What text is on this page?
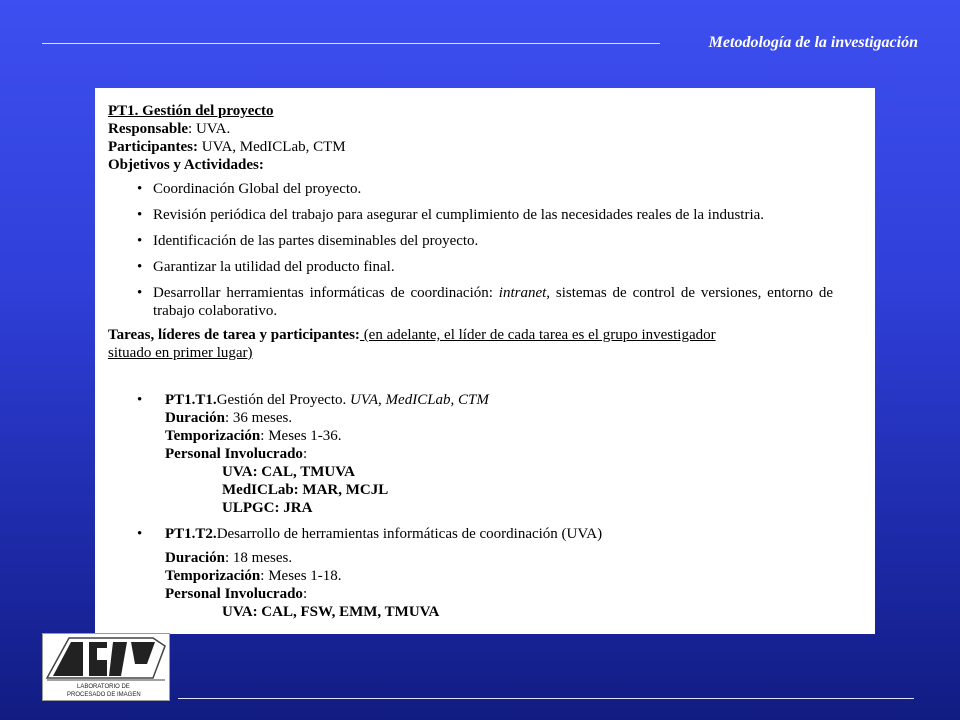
Metodología de la investigación

PT1. Gestión del proyecto

Responsable: UVA.

Participantes: UVA, MedICLab, CTM

Objetivos y Actividades:

• Coordinación Global del proyecto.
• Revisión periódica del trabajo para asegurar el cumplimiento de las necesidades reales de la industria.
• Identificación de las partes diseminables del proyecto.
• Garantizar la utilidad del producto final.
• Desarrollar herramientas informáticas de coordinación: intranet, sistemas de control de versiones, entorno de trabajo colaborativo.

Tareas, líderes de tarea y participantes: (en adelante, el líder de cada tarea es el grupo investigador

situado en primer lugar)

• PT1.T1.Gestión del Proyecto. UVA, MedICLab, CTM

Duración: 36 meses.

Temporización: Meses 1-36.

Personal Involucrado:

UVA: CAL, TMUVA

MedICLab: MAR, MCJL

ULPGC: JRA

• PT1.T2.Desarrollo de herramientas informáticas de coordinación (UVA)

Duración: 18 meses.

Temporización: Meses 1-18.

Personal Involucrado:

UVA: CAL, FSW, EMM, TMUVA

LABORATORIO DE
PROCESADO DE IMAGEN
